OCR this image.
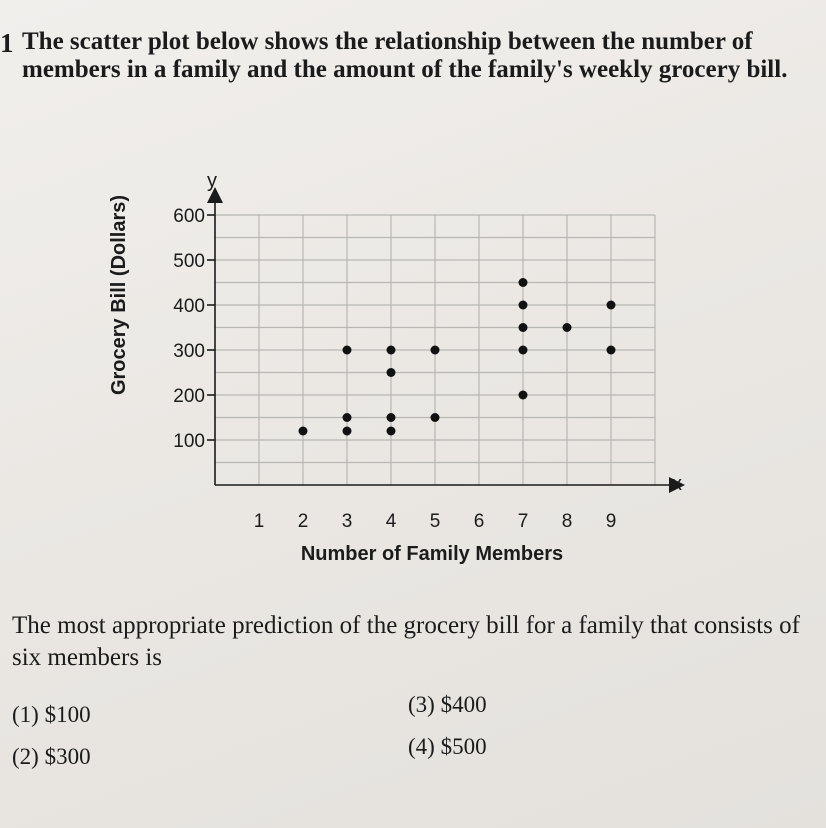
1 The scatter plot below shows the relationship between the number of members in a family and the amount of the family's weekly grocery bill.
100
200
300
400
500
600
1 2 3 4 5 6 7 8 9
Number of Family Members
Grocery Bill (Dollars)
y
x
The most appropriate prediction of the grocery bill for a family that consists of six members is
(1) $100
(2) $300
(3) $400
(4) $500
